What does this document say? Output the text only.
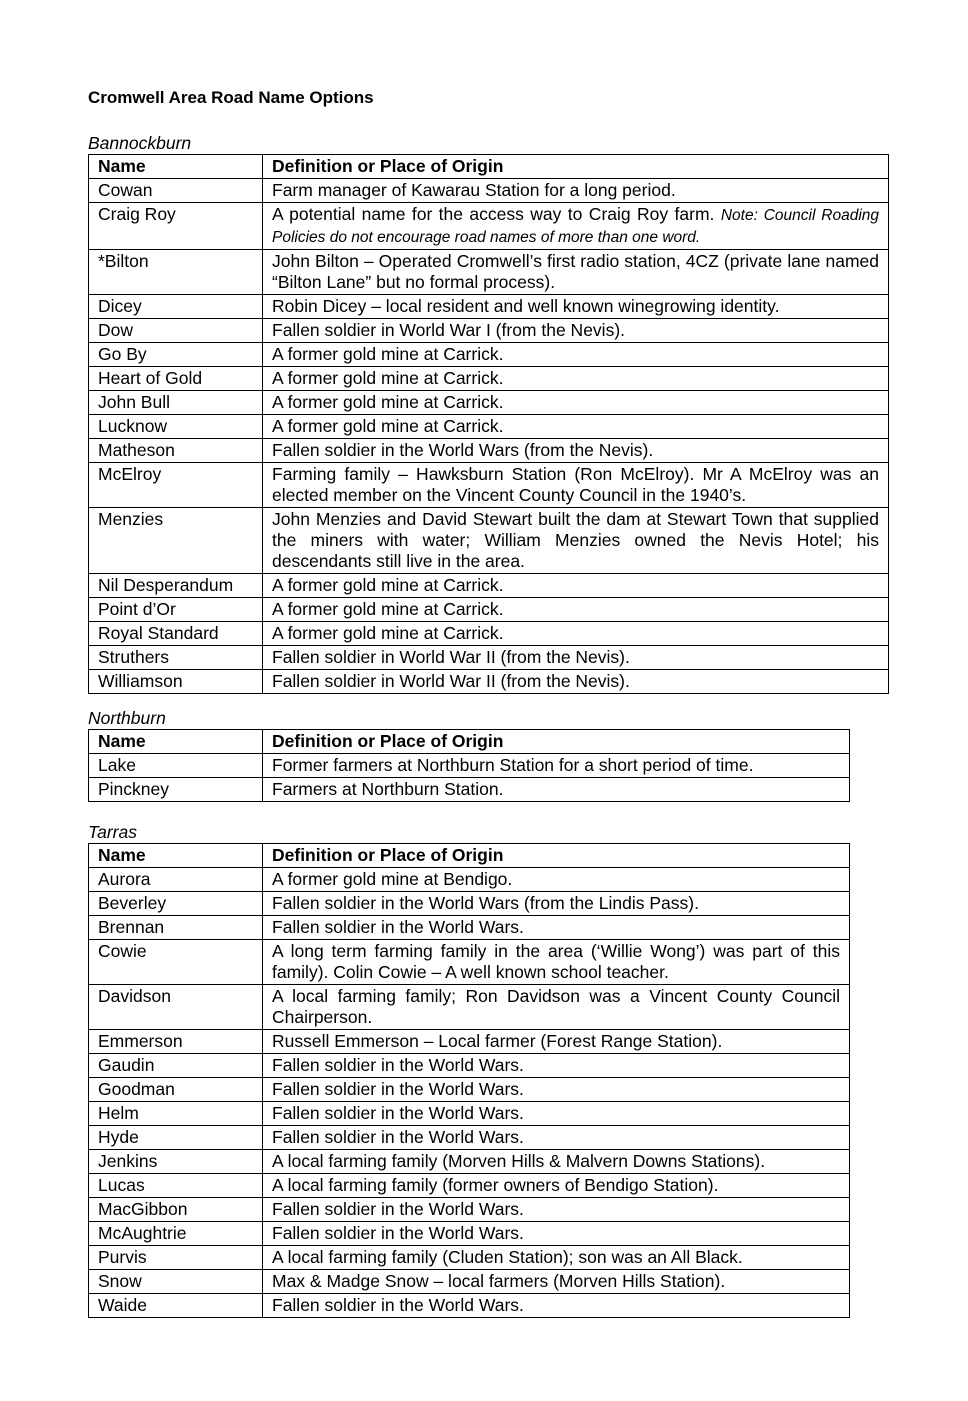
Cromwell Area Road Name Options
Bannockburn
Name	Definition or Place of Origin
Cowan	Farm manager of Kawarau Station for a long period.
Craig Roy	A potential name for the access way to Craig Roy farm. Note: Council Roading Policies do not encourage road names of more than one word.
*Bilton	John Bilton – Operated Cromwell’s first radio station, 4CZ (private lane named “Bilton Lane” but no formal process).
Dicey	Robin Dicey – local resident and well known winegrowing identity.
Dow	Fallen soldier in World War I (from the Nevis).
Go By	A former gold mine at Carrick.
Heart of Gold	A former gold mine at Carrick.
John Bull	A former gold mine at Carrick.
Lucknow	A former gold mine at Carrick.
Matheson	Fallen soldier in the World Wars (from the Nevis).
McElroy	Farming family – Hawksburn Station (Ron McElroy). Mr A McElroy was an elected member on the Vincent County Council in the 1940’s.
Menzies	John Menzies and David Stewart built the dam at Stewart Town that supplied the miners with water; William Menzies owned the Nevis Hotel; his descendants still live in the area.
Nil Desperandum	A former gold mine at Carrick.
Point d’Or	A former gold mine at Carrick.
Royal Standard	A former gold mine at Carrick.
Struthers	Fallen soldier in World War II (from the Nevis).
Williamson	Fallen soldier in World War II (from the Nevis).
Northburn
Name	Definition or Place of Origin
Lake	Former farmers at Northburn Station for a short period of time.
Pinckney	Farmers at Northburn Station.
Tarras
Name	Definition or Place of Origin
Aurora	A former gold mine at Bendigo.
Beverley	Fallen soldier in the World Wars (from the Lindis Pass).
Brennan	Fallen soldier in the World Wars.
Cowie	A long term farming family in the area (‘Willie Wong’) was part of this family). Colin Cowie – A well known school teacher.
Davidson	A local farming family; Ron Davidson was a Vincent County Council Chairperson.
Emmerson	Russell Emmerson – Local farmer (Forest Range Station).
Gaudin	Fallen soldier in the World Wars.
Goodman	Fallen soldier in the World Wars.
Helm	Fallen soldier in the World Wars.
Hyde	Fallen soldier in the World Wars.
Jenkins	A local farming family (Morven Hills & Malvern Downs Stations).
Lucas	A local farming family (former owners of Bendigo Station).
MacGibbon	Fallen soldier in the World Wars.
McAughtrie	Fallen soldier in the World Wars.
Purvis	A local farming family (Cluden Station); son was an All Black.
Snow	Max & Madge Snow – local farmers (Morven Hills Station).
Waide	Fallen soldier in the World Wars.
